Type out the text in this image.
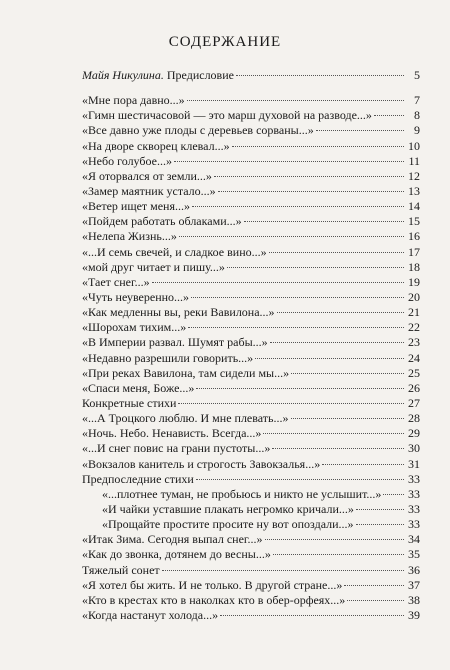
СОДЕРЖАНИЕ
Майя Никулина. Предисловие	5
«Мне пора давно...»	7
«Гимн шестичасовой — это марш духовой на разводе...»	8
«Все давно уже плоды с деревьев сорваны...»	9
«На дворе скворец клевал...»	10
«Небо голубое...»	11
«Я оторвался от земли...»	12
«Замер маятник устало...»	13
«Ветер ищет меня...»	14
«Пойдем работать облаками...»	15
«Нелепа Жизнь...»	16
«...И семь свечей, и сладкое вино...»	17
«мой друг читает и пишу...»	18
«Тает снег...»	19
«Чуть неуверенно...»	20
«Как медленны вы, реки Вавилона...»	21
«Шорохам тихим...»	22
«В Империи развал. Шумят рабы...»	23
«Недавно разрешили говорить...»	24
«При реках Вавилона, там сидели мы...»	25
«Спаси меня, Боже...»	26
Конкретные стихи	27
«...А Троцкого люблю. И мне плевать...»	28
«Ночь. Небо. Ненависть. Всегда...»	29
«...И снег повис на грани пустоты...»	30
«Вокзалов канитель и строгость Завокзалья...»	31
Предпоследние стихи	33
«...плотнее туман, не пробьюсь и никто не услышит...» 33
«И чайки уставшие плакать негромко кричали...»	33
«Прощайте простите просите ну вот опоздали...»	33
«Итак Зима. Сегодня выпал снег...»	34
«Как до звонка, дотянем до весны...»	35
Тяжелый сонет	36
«Я хотел бы жить. И не только. В другой стране...»	37
«Кто в крестах кто в наколках кто в обер-орфеях...»	38
«Когда настанут холода...»	39
